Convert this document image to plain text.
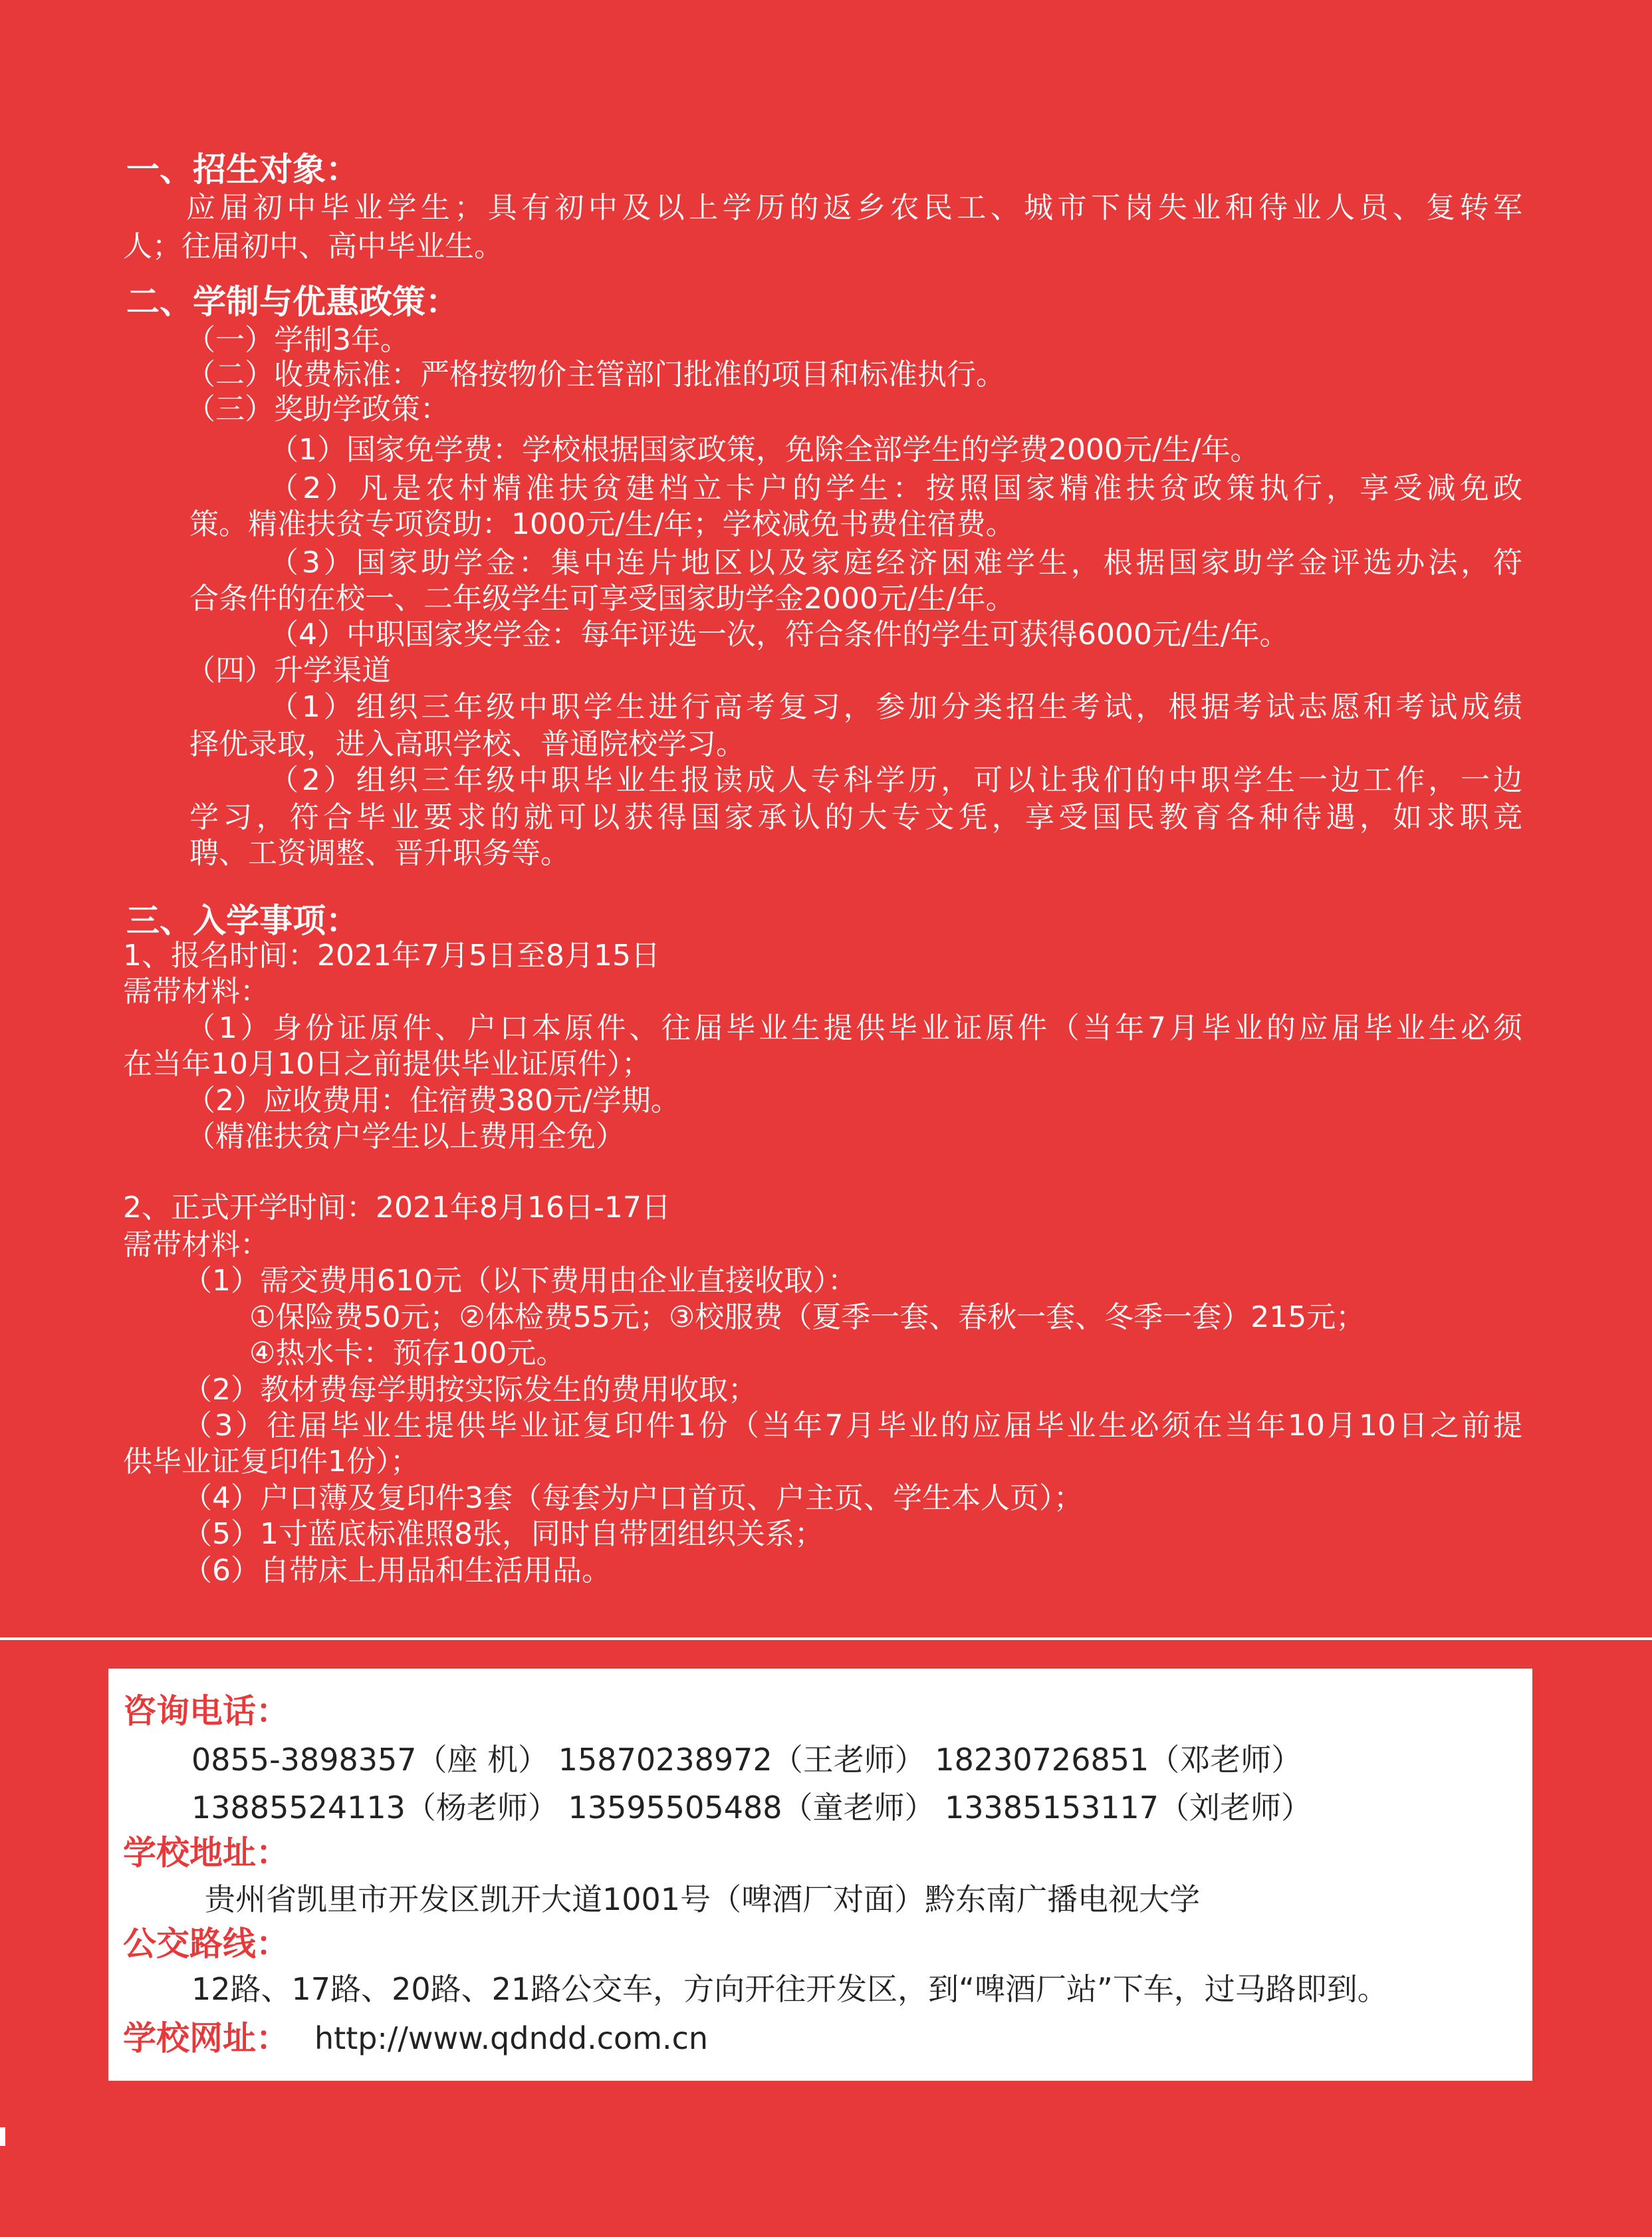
一、招生对象：
应届初中毕业学生；具有初中及以上学历的返乡农民工、城市下岗失业和待业人员、复转军
人；往届初中、高中毕业生。
二、学制与优惠政策：
（一）学制3年。
（二）收费标准：严格按物价主管部门批准的项目和标准执行。
（三）奖助学政策：
（1）国家免学费：学校根据国家政策，免除全部学生的学费2000元/生/年。
（2）凡是农村精准扶贫建档立卡户的学生：按照国家精准扶贫政策执行，享受减免政
策。精准扶贫专项资助：1000元/生/年；学校减免书费住宿费。
（3）国家助学金：集中连片地区以及家庭经济困难学生，根据国家助学金评选办法，符
合条件的在校一、二年级学生可享受国家助学金2000元/生/年。
（4）中职国家奖学金：每年评选一次，符合条件的学生可获得6000元/生/年。
（四）升学渠道
（1）组织三年级中职学生进行高考复习，参加分类招生考试，根据考试志愿和考试成绩
择优录取，进入高职学校、普通院校学习。
（2）组织三年级中职毕业生报读成人专科学历，可以让我们的中职学生一边工作，一边
学习，符合毕业要求的就可以获得国家承认的大专文凭，享受国民教育各种待遇，如求职竞
聘、工资调整、晋升职务等。
三、入学事项：
1、报名时间：2021年7月5日至8月15日
需带材料：
（1）身份证原件、户口本原件、往届毕业生提供毕业证原件（当年7月毕业的应届毕业生必须
在当年10月10日之前提供毕业证原件）；
（2）应收费用：住宿费380元/学期。
（精准扶贫户学生以上费用全免）
2、正式开学时间：2021年8月16日-17日
需带材料：
（1）需交费用610元（以下费用由企业直接收取）：
①保险费50元；②体检费55元；③校服费（夏季一套、春秋一套、冬季一套）215元；
④热水卡：预存100元。
（2）教材费每学期按实际发生的费用收取；
（3）往届毕业生提供毕业证复印件1份（当年7月毕业的应届毕业生必须在当年10月10日之前提
供毕业证复印件1份）；
（4）户口薄及复印件3套（每套为户口首页、户主页、学生本人页）；
（5）1寸蓝底标准照8张，同时自带团组织关系；
（6）自带床上用品和生活用品。
咨询电话：
0855-3898357（座 机） 15870238972（王老师） 18230726851（邓老师）
13885524113（杨老师） 13595505488（童老师） 13385153117（刘老师）
学校地址：
贵州省凯里市开发区凯开大道1001号（啤酒厂对面）黔东南广播电视大学
公交路线：
12路、17路、20路、21路公交车，方向开往开发区，到“啤酒厂站”下车，过马路即到。
学校网址： http://www.qdndd.com.cn
